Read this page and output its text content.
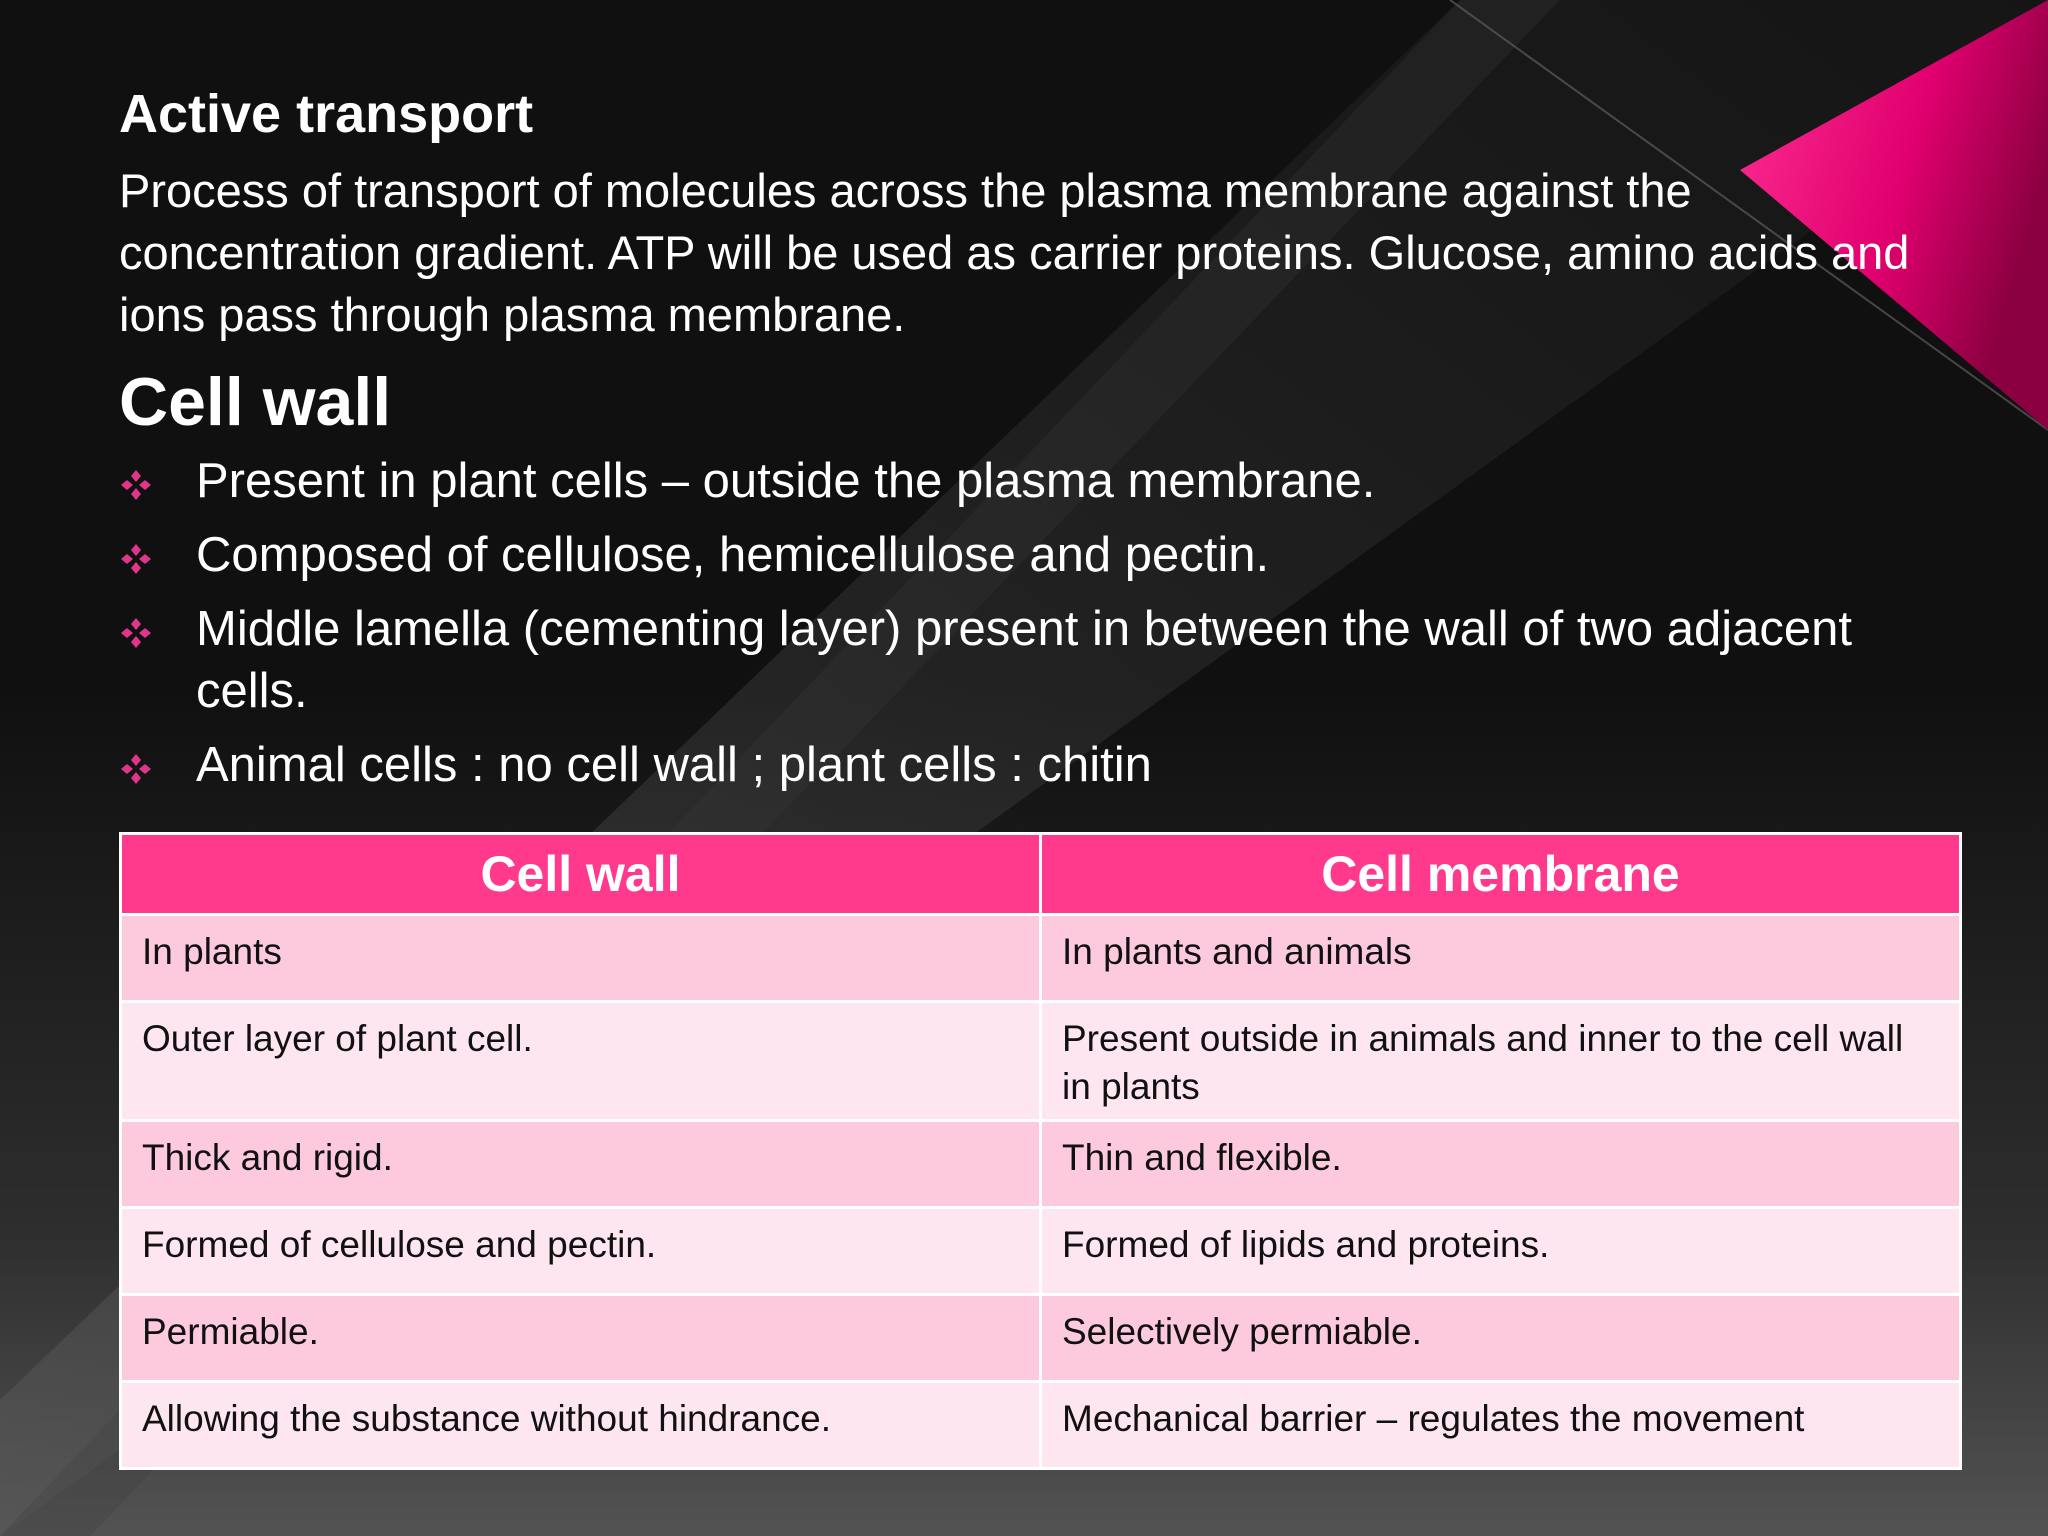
Active transport

Process of transport of molecules across the plasma membrane against the concentration gradient. ATP will be used as carrier proteins. Glucose, amino acids and ions pass through plasma membrane.

Cell wall
Present in plant cells – outside the plasma membrane.
Composed of cellulose, hemicellulose and pectin.
Middle lamella (cementing layer) present in between the wall of two adjacent cells.
Animal cells : no cell wall ; plant cells : chitin
Cell wall	Cell membrane
In plants	In plants and animals
Outer layer of plant cell.	Present outside in animals and inner to the cell wall in plants
Thick and rigid.	Thin and flexible.
Formed of cellulose and pectin.	Formed of lipids and proteins.
Permiable.	Selectively permiable.
Allowing the substance without hindrance.	Mechanical barrier – regulates the movement
